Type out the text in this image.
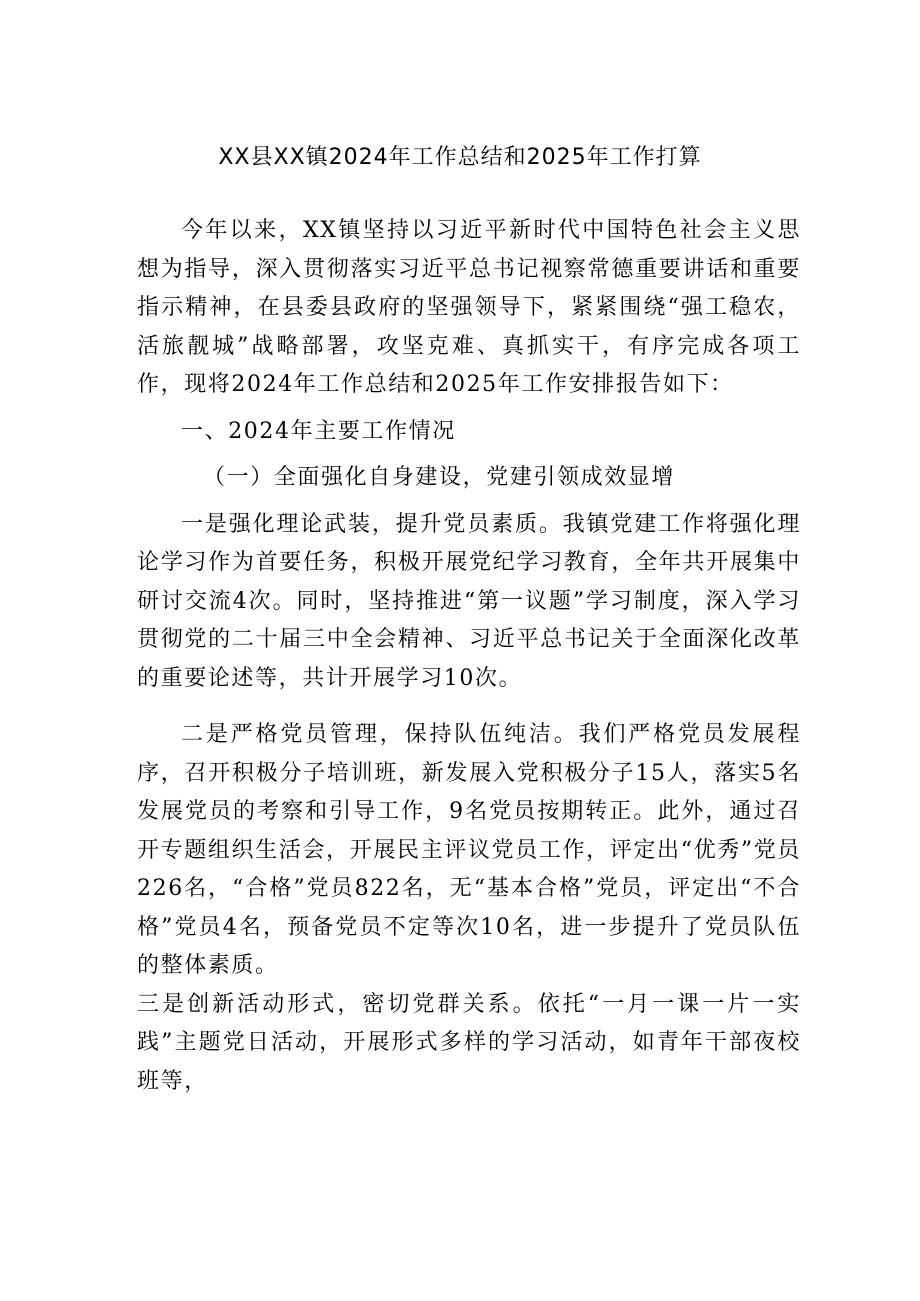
XX县XX镇2024年工作总结和2025年工作打算

今年以来，XX镇坚持以习近平新时代中国特色社会主义思想为指导，深入贯彻落实习近平总书记视察常德重要讲话和重要指示精神，在县委县政府的坚强领导下，紧紧围绕“强工稳农，活旅靓城”战略部署，攻坚克难、真抓实干，有序完成各项工作，现将2024年工作总结和2025年工作安排报告如下：

一、2024年主要工作情况

（一）全面强化自身建设，党建引领成效显增

一是强化理论武装，提升党员素质。我镇党建工作将强化理论学习作为首要任务，积极开展党纪学习教育，全年共开展集中研讨交流4次。同时，坚持推进“第一议题”学习制度，深入学习贯彻党的二十届三中全会精神、习近平总书记关于全面深化改革的重要论述等，共计开展学习10次。

二是严格党员管理，保持队伍纯洁。我们严格党员发展程序，召开积极分子培训班，新发展入党积极分子15人，落实5名发展党员的考察和引导工作，9名党员按期转正。此外，通过召开专题组织生活会，开展民主评议党员工作，评定出“优秀”党员226名，“合格”党员822名，无“基本合格”党员，评定出“不合格”党员4名，预备党员不定等次10名，进一步提升了党员队伍的整体素质。

三是创新活动形式，密切党群关系。依托“一月一课一片一实践”主题党日活动，开展形式多样的学习活动，如青年干部夜校班等，
